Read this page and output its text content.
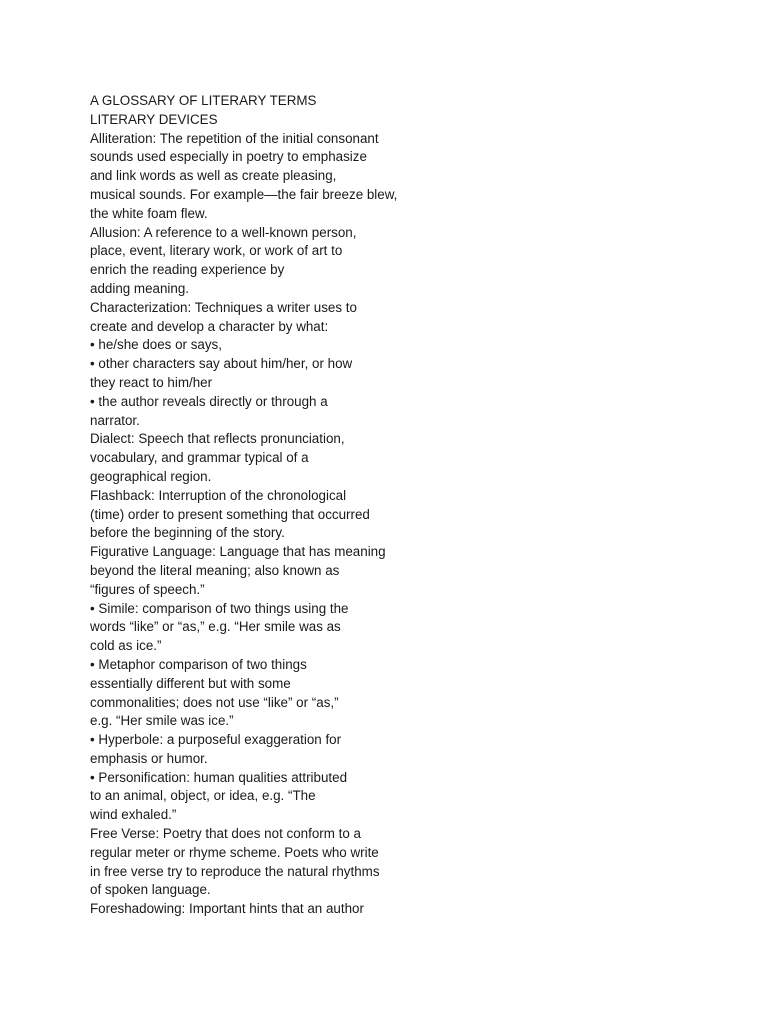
A GLOSSARY OF LITERARY TERMS
LITERARY DEVICES
Alliteration: The repetition of the initial consonant
sounds used especially in poetry to emphasize
and link words as well as create pleasing,
musical sounds. For example—the fair breeze blew,
the white foam flew.
Allusion: A reference to a well-known person,
place, event, literary work, or work of art to
enrich the reading experience by
adding meaning.
Characterization: Techniques a writer uses to
create and develop a character by what:
• he/she does or says,
• other characters say about him/her, or how
they react to him/her
• the author reveals directly or through a
narrator.
Dialect: Speech that reflects pronunciation,
vocabulary, and grammar typical of a
geographical region.
Flashback: Interruption of the chronological
(time) order to present something that occurred
before the beginning of the story.
Figurative Language: Language that has meaning
beyond the literal meaning; also known as
“figures of speech.”
• Simile: comparison of two things using the
words “like” or “as,” e.g. “Her smile was as
cold as ice.”
• Metaphor comparison of two things
essentially different but with some
commonalities; does not use “like” or “as,”
e.g. “Her smile was ice.”
• Hyperbole: a purposeful exaggeration for
emphasis or humor.
• Personification: human qualities attributed
to an animal, object, or idea, e.g. “The
wind exhaled.”
Free Verse: Poetry that does not conform to a
regular meter or rhyme scheme. Poets who write
in free verse try to reproduce the natural rhythms
of spoken language.
Foreshadowing: Important hints that an author
